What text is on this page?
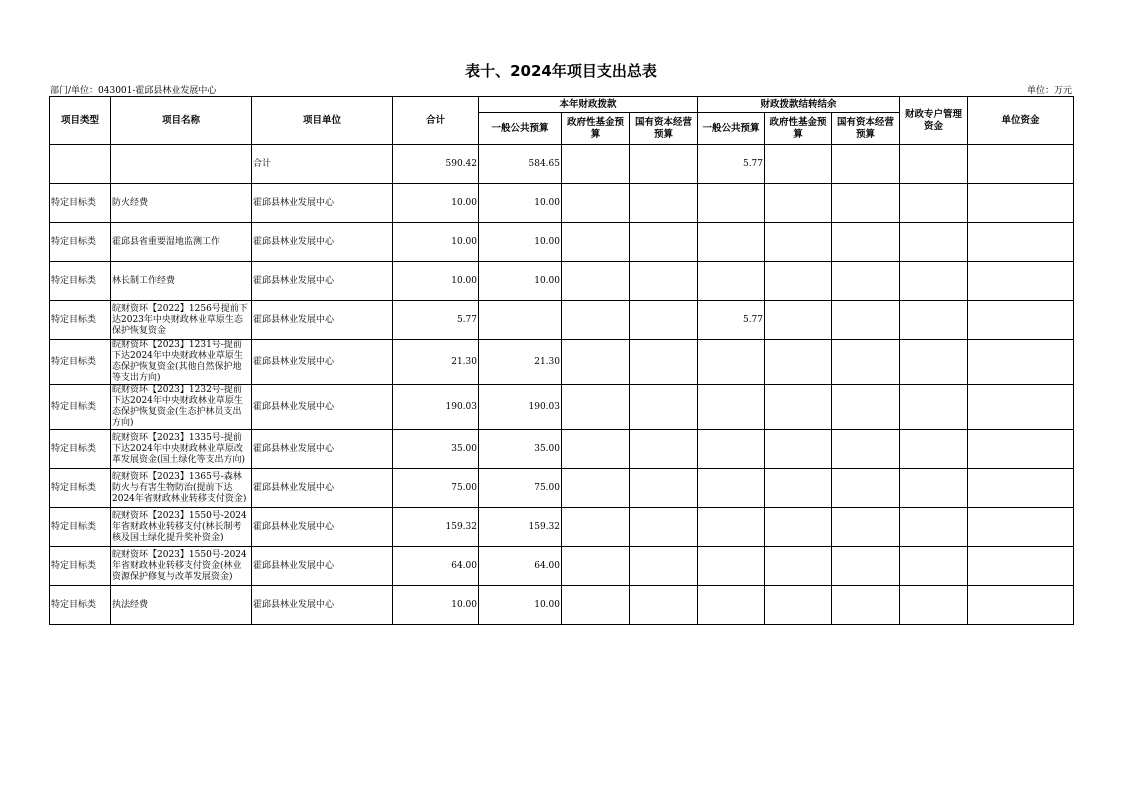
表十、2024年项目支出总表
部门/单位：043001-霍邱县林业发展中心	单位：万元
项目类型	项目名称	项目单位	合计	本年财政拨款			财政拨款结转结余			财政专户管理资金	单位资金
				一般公共预算	政府性基金预算	国有资本经营预算	一般公共预算	政府性基金预算	国有资本经营预算		
		合计	590.42	584.65			5.77				
特定目标类	防火经费	霍邱县林业发展中心	10.00	10.00							
特定目标类	霍邱县省重要湿地监测工作	霍邱县林业发展中心	10.00	10.00							
特定目标类	林长制工作经费	霍邱县林业发展中心	10.00	10.00							
特定目标类	皖财资环【2022】1256号提前下达2023年中央财政林业草原生态保护恢复资金	霍邱县林业发展中心	5.77				5.77				
特定目标类	皖财资环【2023】1231号-提前下达2024年中央财政林业草原生态保护恢复资金(其他自然保护地等支出方向)	霍邱县林业发展中心	21.30	21.30							
特定目标类	皖财资环【2023】1232号-提前下达2024年中央财政林业草原生态保护恢复资金(生态护林员支出方向)	霍邱县林业发展中心	190.03	190.03							
特定目标类	皖财资环【2023】1335号-提前下达2024年中央财政林业草原改革发展资金(国土绿化等支出方向)	霍邱县林业发展中心	35.00	35.00							
特定目标类	皖财资环【2023】1365号-森林防火与有害生物防治(提前下达2024年省财政林业转移支付资金)	霍邱县林业发展中心	75.00	75.00							
特定目标类	皖财资环【2023】1550号-2024年省财政林业转移支付(林长制考核及国土绿化提升奖补资金)	霍邱县林业发展中心	159.32	159.32							
特定目标类	皖财资环【2023】1550号-2024年省财政林业转移支付资金(林业资源保护修复与改革发展资金)	霍邱县林业发展中心	64.00	64.00							
特定目标类	执法经费	霍邱县林业发展中心	10.00	10.00							
